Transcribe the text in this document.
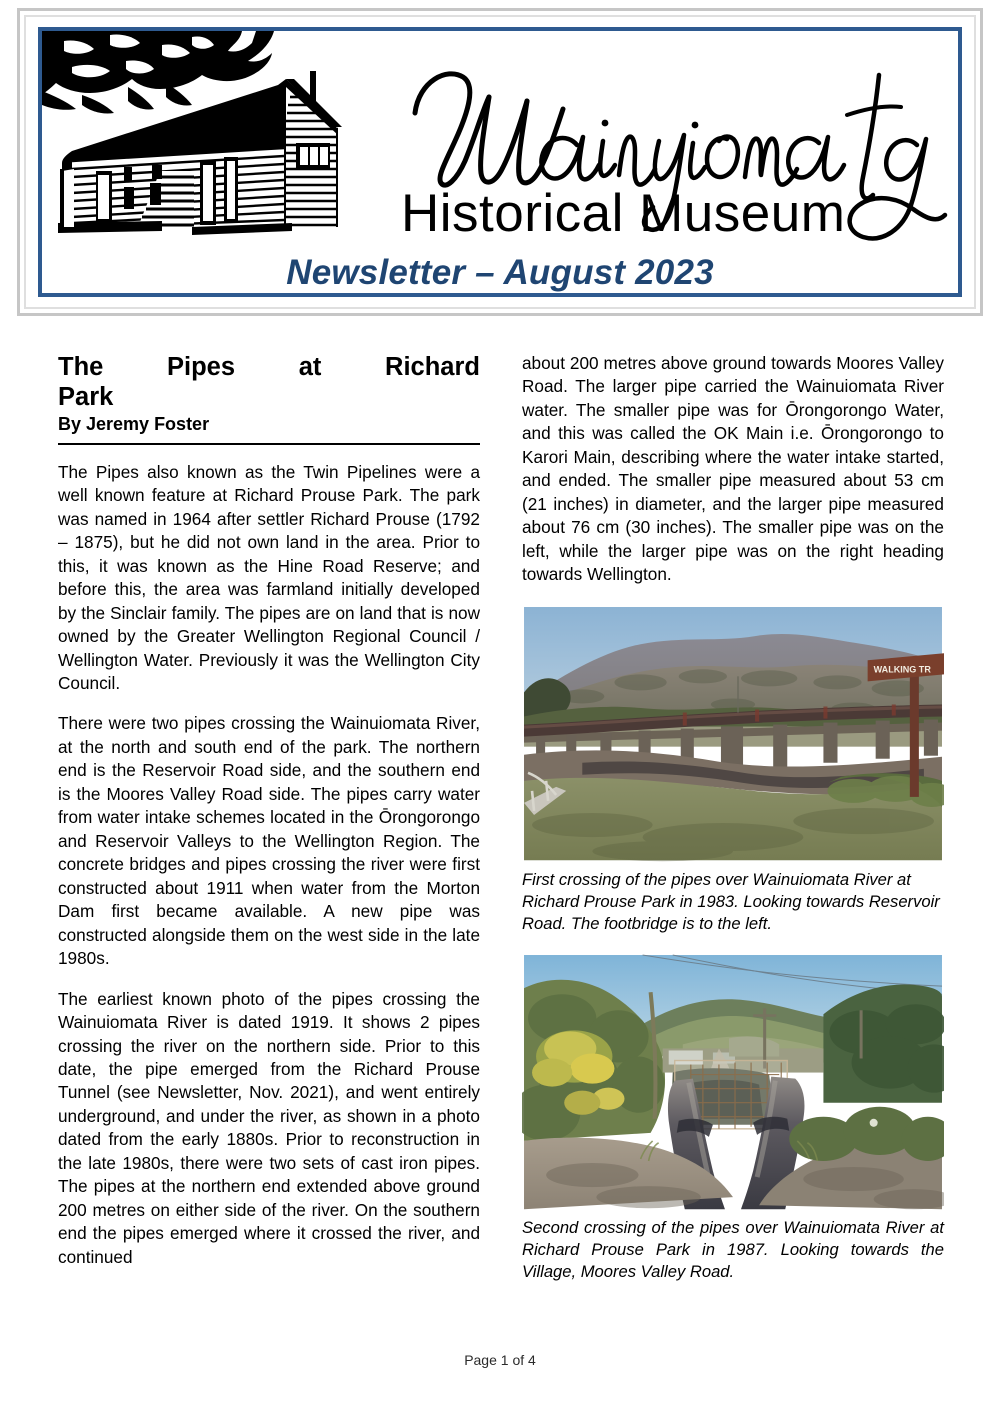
Historical Museum
Newsletter – August 2023
The Pipes at Richard
Park
By Jeremy Foster

The Pipes also known as the Twin Pipelines were a well known feature at Richard Prouse Park. The park was named in 1964 after settler Richard Prouse (1792 – 1875), but he did not own land in the area. Prior to this, it was known as the Hine Road Reserve; and before this, the area was farmland initially developed by the Sinclair family. The pipes are on land that is now owned by the Greater Wellington Regional Council / Wellington Water. Previously it was the Wellington City Council.

There were two pipes crossing the Wainuiomata River, at the north and south end of the park. The northern end is the Reservoir Road side, and the southern end is the Moores Valley Road side. The pipes carry water from water intake schemes located in the Ōrongorongo and Reservoir Valleys to the Wellington Region. The concrete bridges and pipes crossing the river were first constructed about 1911 when water from the Morton Dam first became available. A new pipe was constructed alongside them on the west side in the late 1980s.

The earliest known photo of the pipes crossing the Wainuiomata River is dated 1919. It shows 2 pipes crossing the river on the northern side. Prior to this date, the pipe emerged from the Richard Prouse Tunnel (see Newsletter, Nov. 2021), and went entirely underground, and under the river, as shown in a photo dated from the early 1880s. Prior to reconstruction in the late 1980s, there were two sets of cast iron pipes. The pipes at the northern end extended above ground 200 metres on either side of the river. On the southern end the pipes emerged where it crossed the river, and continued

about 200 metres above ground towards Moores Valley Road. The larger pipe carried the Wainuiomata River water. The smaller pipe was for Ōrongorongo Water, and this was called the OK Main i.e. Ōrongorongo to Karori Main, describing where the water intake started, and ended. The smaller pipe measured about 53 cm (21 inches) in diameter, and the larger pipe measured about 76 cm (30 inches). The smaller pipe was on the left, while the larger pipe was on the right heading towards Wellington.

WALKING TR
First crossing of the pipes over Wainuiomata River at Richard Prouse Park in 1983. Looking towards Reservoir Road. The footbridge is to the left.
Second crossing of the pipes over Wainuiomata River at Richard Prouse Park in 1987. Looking towards the Village, Moores Valley Road.
Page 1 of 4
